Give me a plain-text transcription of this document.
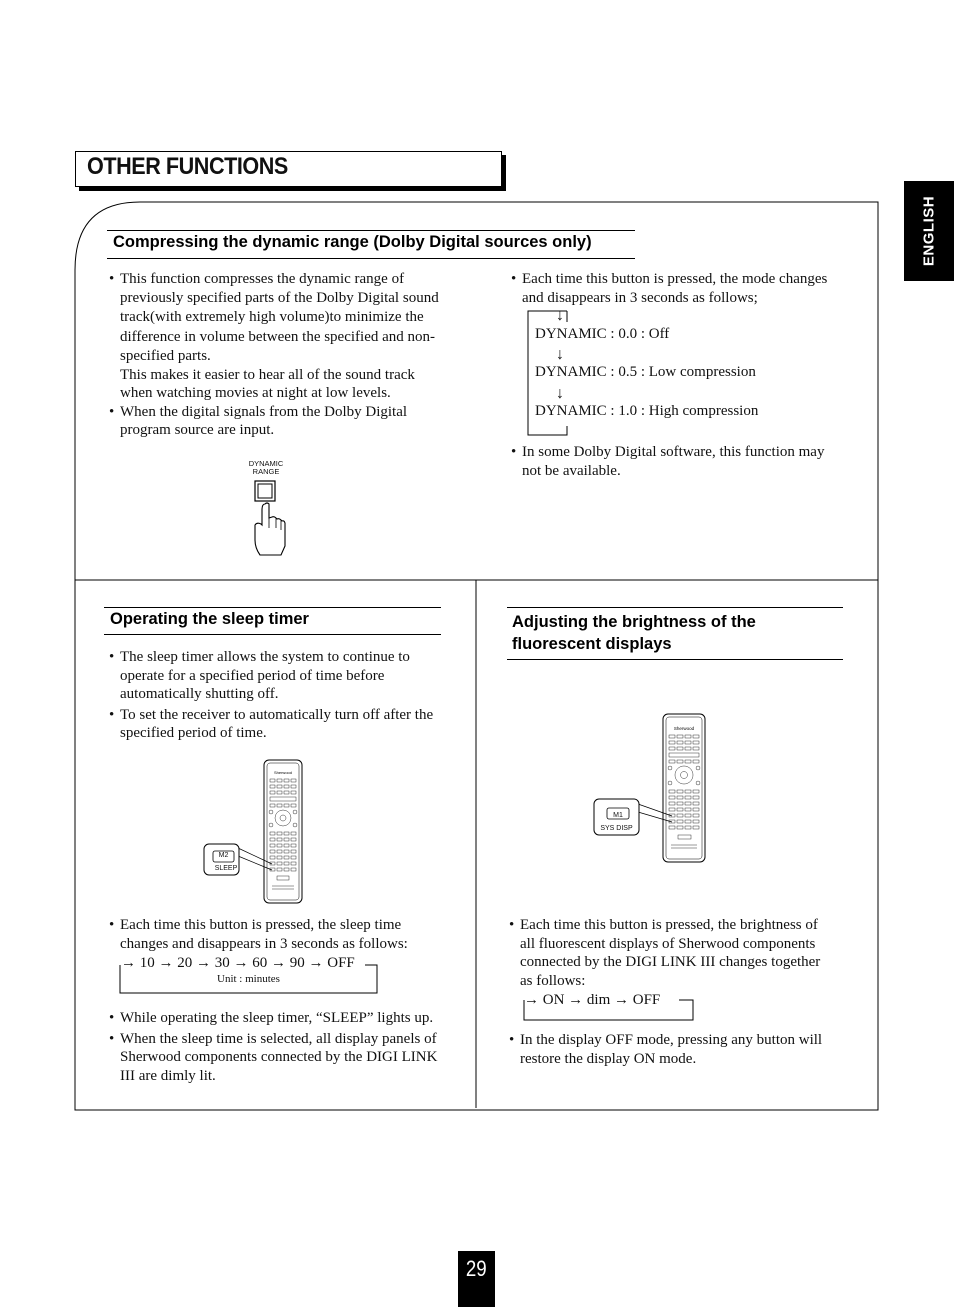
OTHER FUNCTIONS
ENGLISH
Compressing the dynamic range (Dolby Digital sources only)
• This function compresses the dynamic range of
previously specified parts of the Dolby Digital sound
track(with extremely high volume)to minimize the
difference in volume between the specified and non-
specified parts.
This makes it easier to hear all of the sound track
when watching movies at night at low levels.
• When the digital signals from the Dolby Digital
program source are input.
DYNAMIC
RANGE
• Each time this button is pressed, the mode changes
and disappears in 3 seconds as follows;
↓
↓
↓
DYNAMIC : 0.0 : Off
DYNAMIC : 0.5 : Low compression
DYNAMIC : 1.0 : High compression
• In some Dolby Digital software, this function may
not be available.
Operating the sleep timer
• The sleep timer allows the system to continue to
operate for a specified period of time before
automatically shutting off.
• To set the receiver to automatically turn off after the
specified period of time.
Sherwood
M2
SLEEP
• Each time this button is pressed, the sleep time
changes and disappears in 3 seconds as follows:
→ 10 → 20 → 30 → 60 → 90 → OFF
Unit : minutes
• While operating the sleep timer, “SLEEP” lights up.
• When the sleep time is selected, all display panels of
Sherwood components connected by the DIGI LINK
III are dimly lit.
Adjusting the brightness of the
fluorescent displays
Sherwood
M1
SYS DISP
• Each time this button is pressed, the brightness of
all fluorescent displays of Sherwood components
connected by the DIGI LINK III changes together
as follows:
→ ON → dim → OFF
• In the display OFF mode, pressing any button will
restore the display ON mode.
29
